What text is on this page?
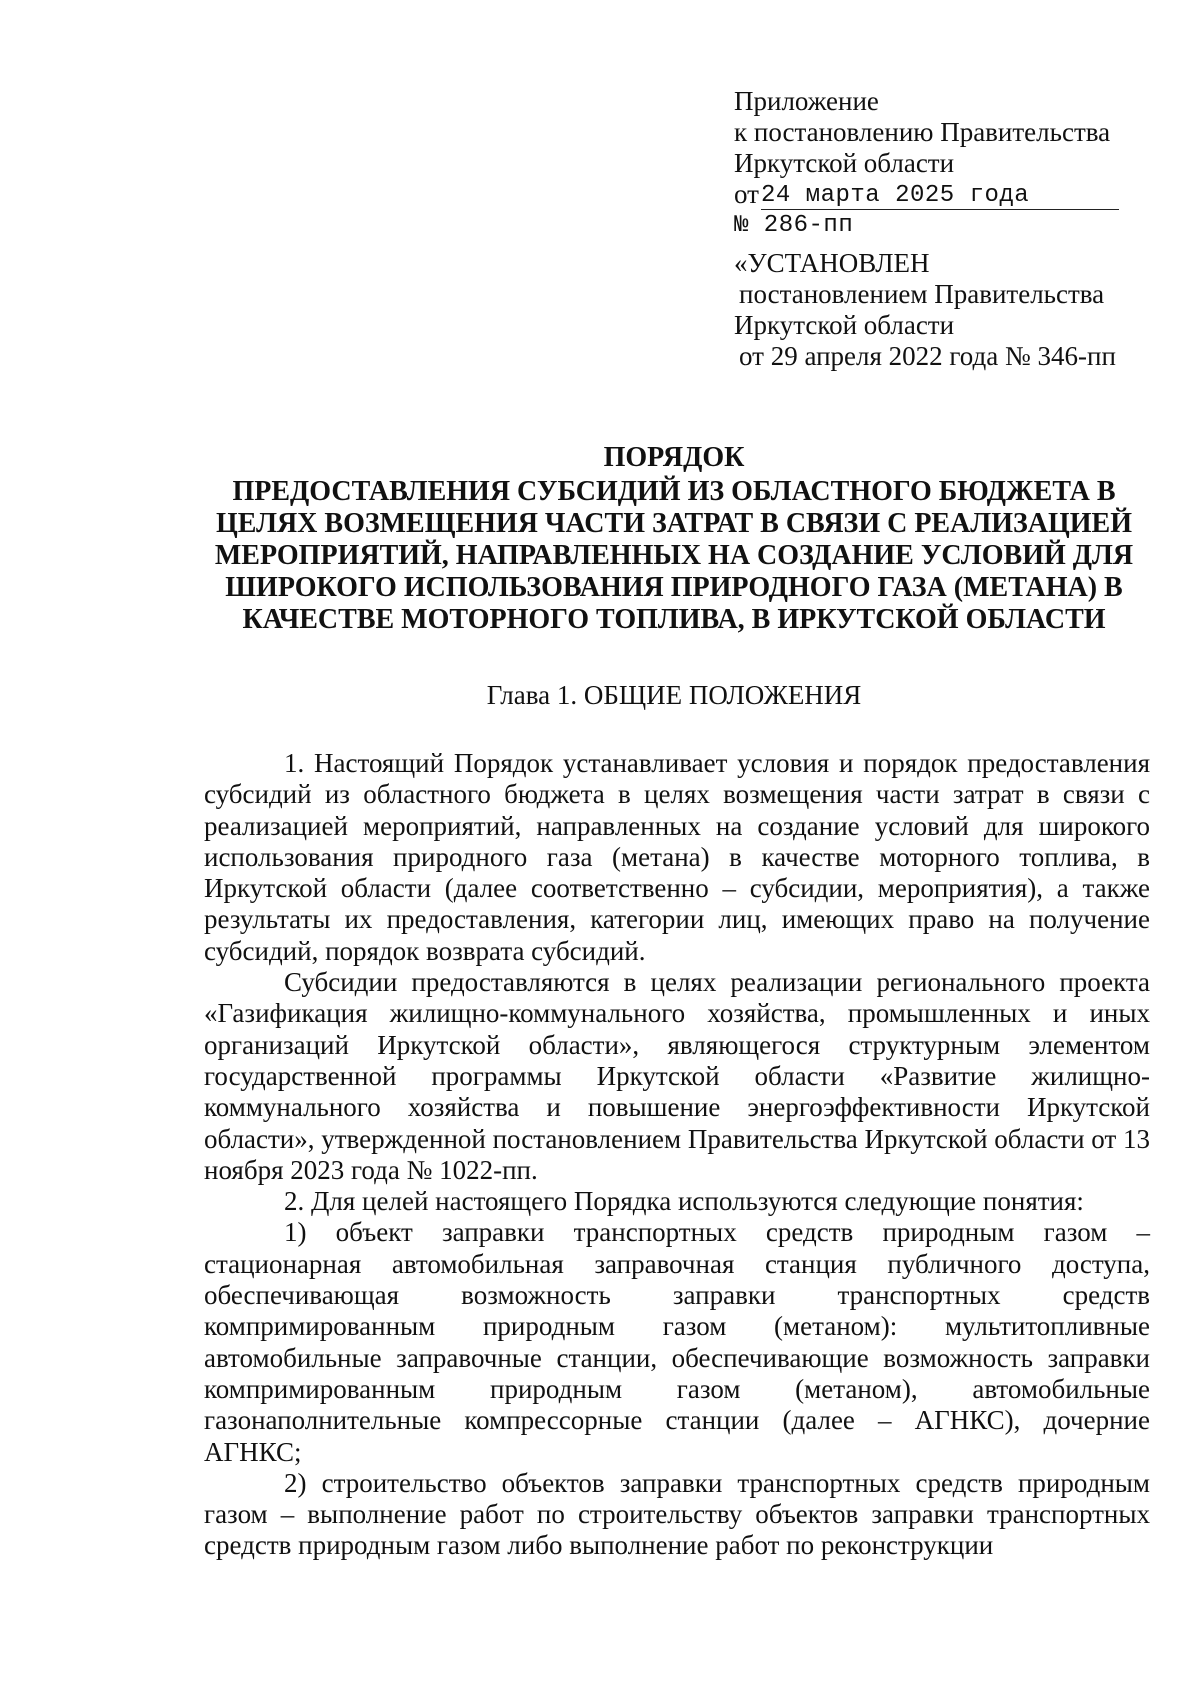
Приложение
к постановлению Правительства
Иркутской области
от 24 марта 2025 года
№ 286-пп
«УСТАНОВЛЕН
постановлением Правительства
Иркутской области
от 29 апреля 2022 года № 346-пп
ПОРЯДОК
ПРЕДОСТАВЛЕНИЯ СУБСИДИЙ ИЗ ОБЛАСТНОГО БЮДЖЕТА В
ЦЕЛЯХ ВОЗМЕЩЕНИЯ ЧАСТИ ЗАТРАТ В СВЯЗИ С РЕАЛИЗАЦИЕЙ
МЕРОПРИЯТИЙ, НАПРАВЛЕННЫХ НА СОЗДАНИЕ УСЛОВИЙ ДЛЯ
ШИРОКОГО ИСПОЛЬЗОВАНИЯ ПРИРОДНОГО ГАЗА (МЕТАНА) В
КАЧЕСТВЕ МОТОРНОГО ТОПЛИВА, В ИРКУТСКОЙ ОБЛАСТИ
Глава 1. ОБЩИЕ ПОЛОЖЕНИЯ

1. Настоящий Порядок устанавливает условия и порядок предоставления субсидий из областного бюджета в целях возмещения части затрат в связи с реализацией мероприятий, направленных на создание условий для широкого использования природного газа (метана) в качестве моторного топлива, в Иркутской области (далее соответственно – субсидии, мероприятия), а также результаты их предоставления, категории лиц, имеющих право на получение субсидий, порядок возврата субсидий.

Субсидии предоставляются в целях реализации регионального проекта «Газификация жилищно-коммунального хозяйства, промышленных и иных организаций Иркутской области», являющегося структурным элементом государственной программы Иркутской области «Развитие жилищно-коммунального хозяйства и повышение энергоэффективности Иркутской области», утвержденной постановлением Правительства Иркутской области от 13 ноября 2023 года № 1022-пп.

2. Для целей настоящего Порядка используются следующие понятия:

1) объект заправки транспортных средств природным газом – стационарная автомобильная заправочная станция публичного доступа, обеспечивающая возможность заправки транспортных средств компримированным природным газом (метаном): мультитопливные автомобильные заправочные станции, обеспечивающие возможность заправки компримированным природным газом (метаном), автомобильные газонаполнительные компрессорные станции (далее – АГНКС), дочерние АГНКС;

2) строительство объектов заправки транспортных средств природным газом – выполнение работ по строительству объектов заправки транспортных средств природным газом либо выполнение работ по реконструкции
